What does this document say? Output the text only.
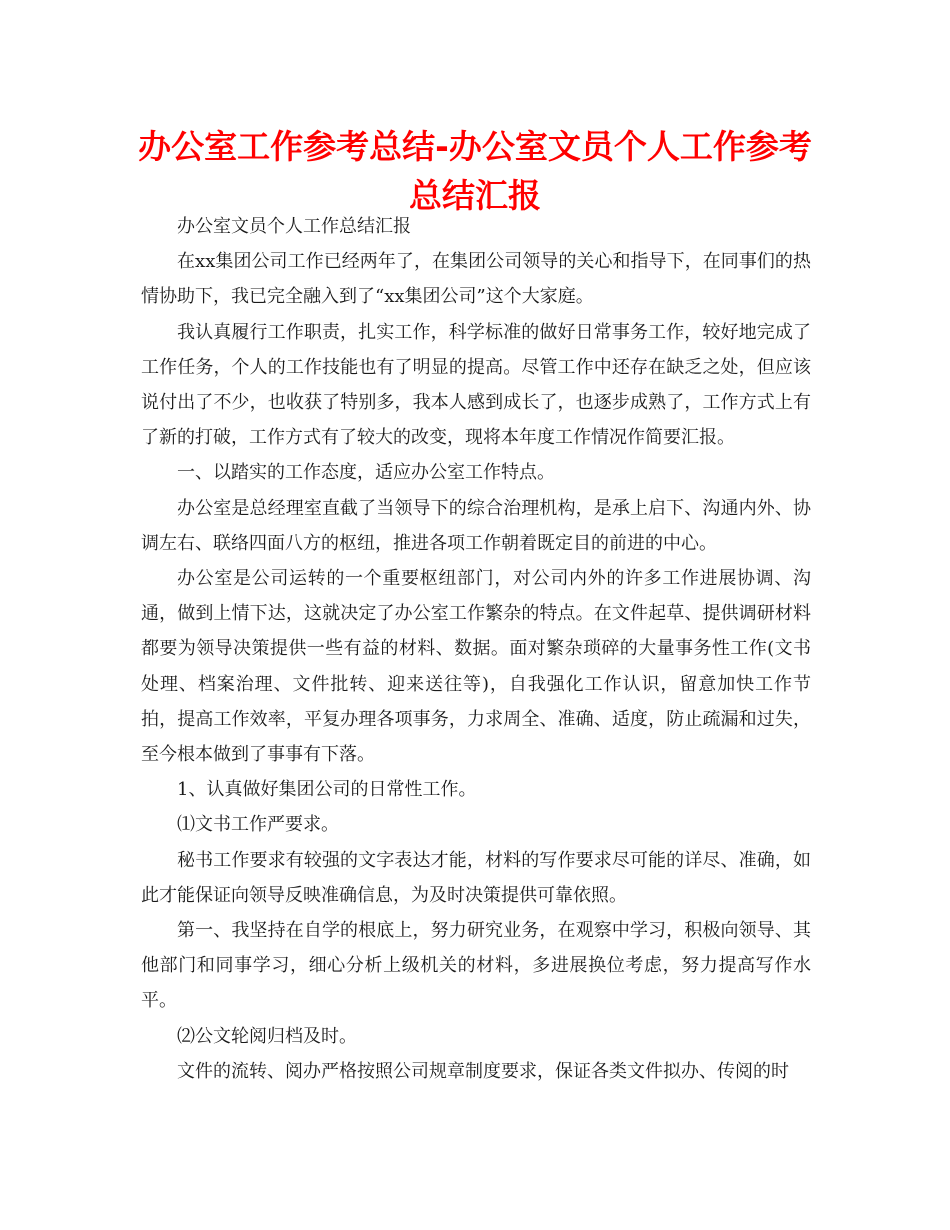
办公室工作参考总结-办公室文员个人工作参考总结汇报

办公室文员个人工作总结汇报

在xx集团公司工作已经两年了，在集团公司领导的关心和指导下，在同事们的热情协助下，我已完全融入到了“xx集团公司”这个大家庭。

我认真履行工作职责，扎实工作，科学标准的做好日常事务工作，较好地完成了工作任务，个人的工作技能也有了明显的提高。尽管工作中还存在缺乏之处，但应该说付出了不少，也收获了特别多，我本人感到成长了，也逐步成熟了，工作方式上有了新的打破，工作方式有了较大的改变，现将本年度工作情况作简要汇报。

一、以踏实的工作态度，适应办公室工作特点。

办公室是总经理室直截了当领导下的综合治理机构，是承上启下、沟通内外、协调左右、联络四面八方的枢纽，推进各项工作朝着既定目的前进的中心。

办公室是公司运转的一个重要枢纽部门，对公司内外的许多工作进展协调、沟通，做到上情下达，这就决定了办公室工作繁杂的特点。在文件起草、提供调研材料都要为领导决策提供一些有益的材料、数据。面对繁杂琐碎的大量事务性工作(文书处理、档案治理、文件批转、迎来送往等)，自我强化工作认识，留意加快工作节拍，提高工作效率，平复办理各项事务，力求周全、准确、适度，防止疏漏和过失，至今根本做到了事事有下落。

1、认真做好集团公司的日常性工作。

⑴文书工作严要求。

秘书工作要求有较强的文字表达才能，材料的写作要求尽可能的详尽、准确，如此才能保证向领导反映准确信息，为及时决策提供可靠依照。

第一、我坚持在自学的根底上，努力研究业务，在观察中学习，积极向领导、其他部门和同事学习，细心分析上级机关的材料，多进展换位考虑，努力提高写作水平。

⑵公文轮阅归档及时。

文件的流转、阅办严格按照公司规章制度要求，保证各类文件拟办、传阅的时
